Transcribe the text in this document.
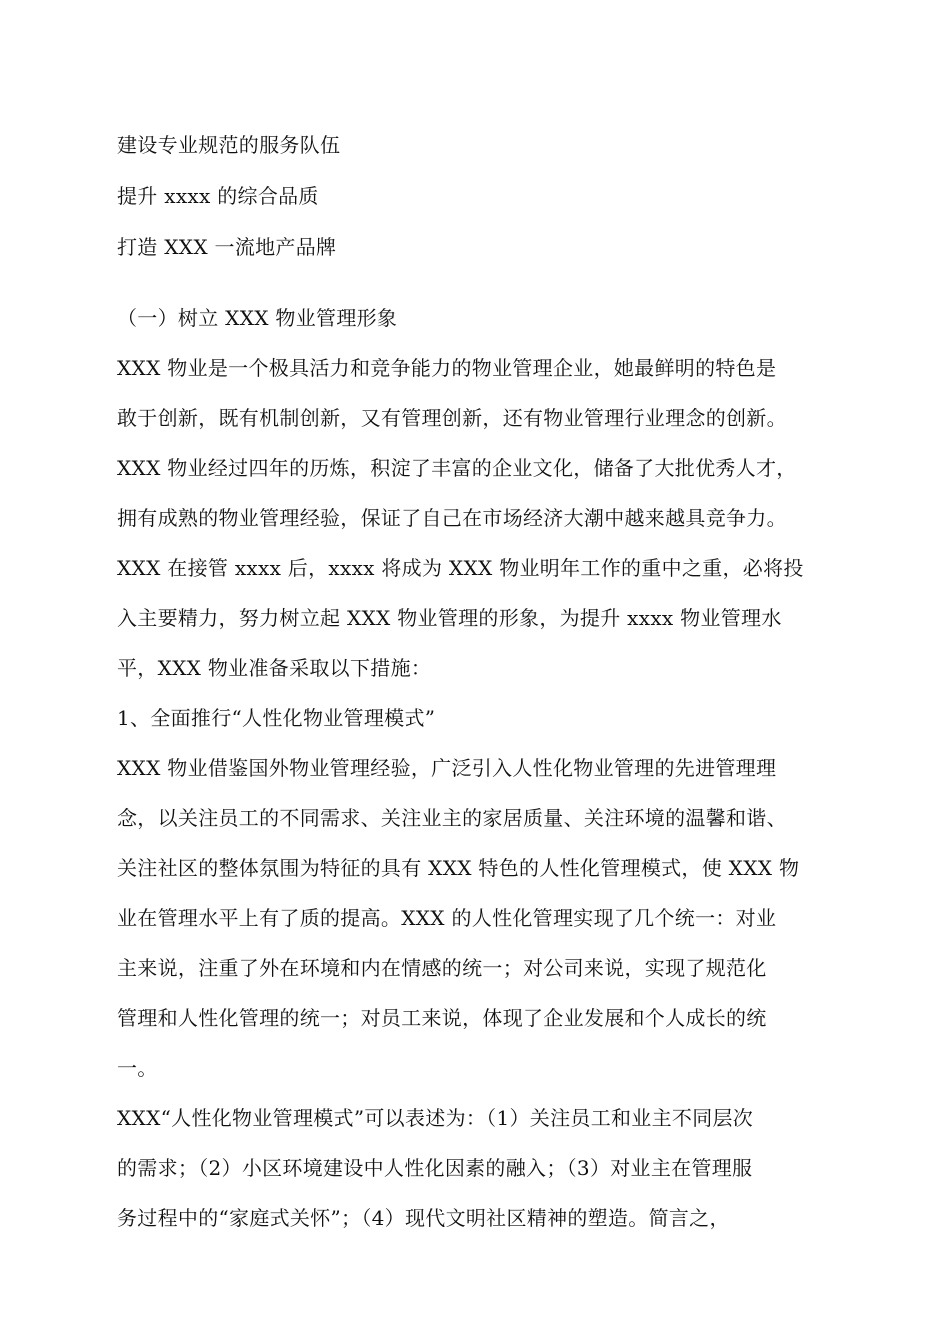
建设专业规范的服务队伍

提升 xxxx 的综合品质

打造 XXX 一流地产品牌

（一）树立 XXX 物业管理形象

XXX 物业是一个极具活力和竞争能力的物业管理企业，她最鲜明的特色是

敢于创新，既有机制创新，又有管理创新，还有物业管理行业理念的创新。

XXX 物业经过四年的历炼，积淀了丰富的企业文化，储备了大批优秀人才，

拥有成熟的物业管理经验，保证了自己在市场经济大潮中越来越具竞争力。

XXX 在接管 xxxx 后，xxxx 将成为 XXX 物业明年工作的重中之重，必将投

入主要精力，努力树立起 XXX 物业管理的形象，为提升 xxxx 物业管理水

平，XXX 物业准备采取以下措施：

1、全面推行“人性化物业管理模式”

XXX 物业借鉴国外物业管理经验，广泛引入人性化物业管理的先进管理理

念，以关注员工的不同需求、关注业主的家居质量、关注环境的温馨和谐、

关注社区的整体氛围为特征的具有 XXX 特色的人性化管理模式，使 XXX 物

业在管理水平上有了质的提高。XXX 的人性化管理实现了几个统一：对业

主来说，注重了外在环境和内在情感的统一；对公司来说，实现了规范化

管理和人性化管理的统一；对员工来说，体现了企业发展和个人成长的统

一。

XXX“人性化物业管理模式”可以表述为：（1）关注员工和业主不同层次

的需求；（2）小区环境建设中人性化因素的融入；（3）对业主在管理服

务过程中的“家庭式关怀”；（4）现代文明社区精神的塑造。简言之，
